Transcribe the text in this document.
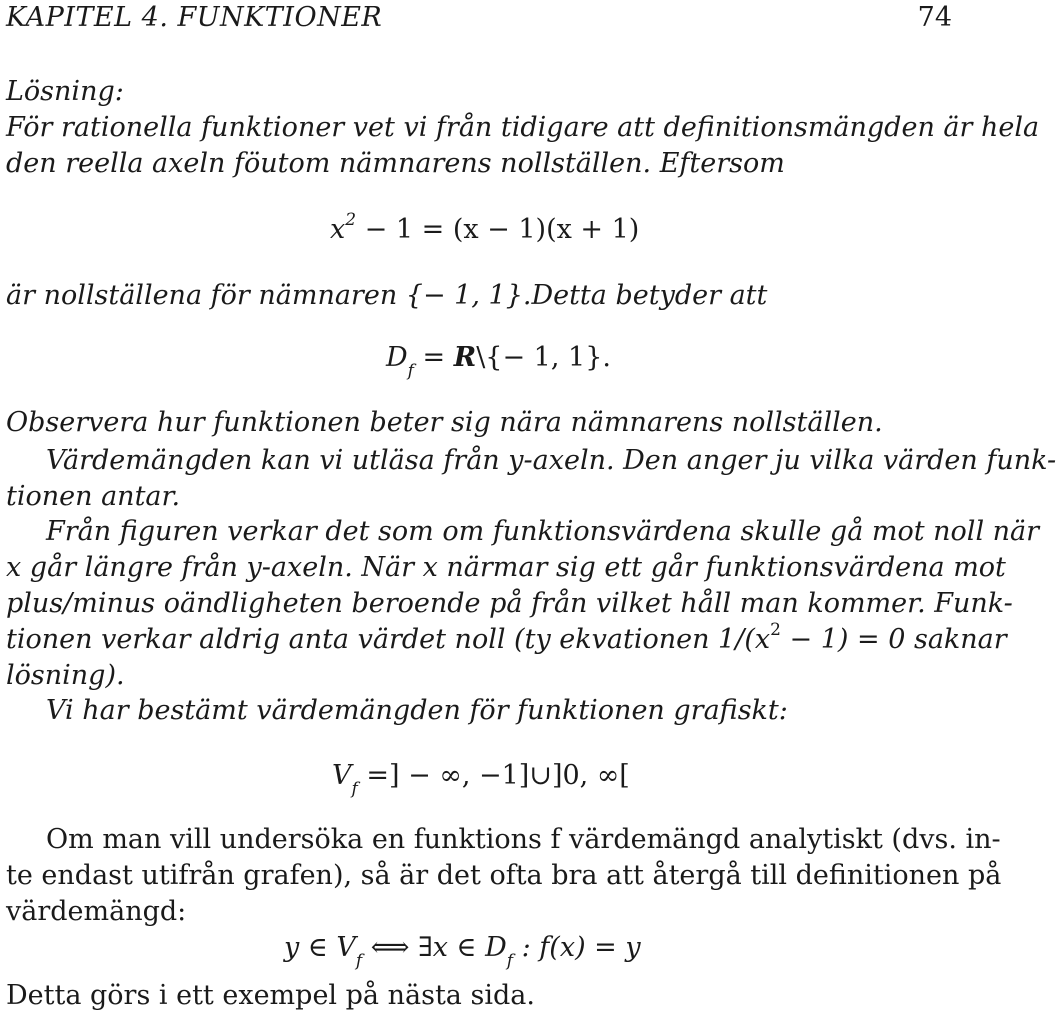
KAPITEL 4. FUNKTIONER	74

Lösning:

För rationella funktioner vet vi från tidigare att definitionsmängden är hela

den reella axeln föutom nämnarens nollställen. Eftersom

$x^2 - 1 = (x - 1)(x + 1)$

är nollställena för nämnaren {− 1, 1}.Detta betyder att

$D_f$ = R\{− 1, 1}.

Observera hur funktionen beter sig nära nämnarens nollställen.

Värdemängden kan vi utläsa från y-axeln. Den anger ju vilka värden funk-

tionen antar.

Från figuren verkar det som om funktionsvärdena skulle gå mot noll när

x går längre från y-axeln. När x närmar sig ett går funktionsvärdena mot

plus/minus oändligheten beroende på från vilket håll man kommer. Funk-

tionen verkar aldrig anta värdet noll (ty ekvationen $1/(x^2 - 1) = 0$ saknar

lösning).

Vi har bestämt värdemängden för funktionen grafiskt:

$V_f$ =] − ∞, −1]∪]0, ∞[

Om man vill undersöka en funktions f värdemängd analytiskt (dvs. in-

te endast utifrån grafen), så är det ofta bra att återgå till definitionen på

värdemängd:

y ∈ $V_f$ ⟺ ∃x ∈ $D_f$ : f(x) = y

Detta görs i ett exempel på nästa sida.
